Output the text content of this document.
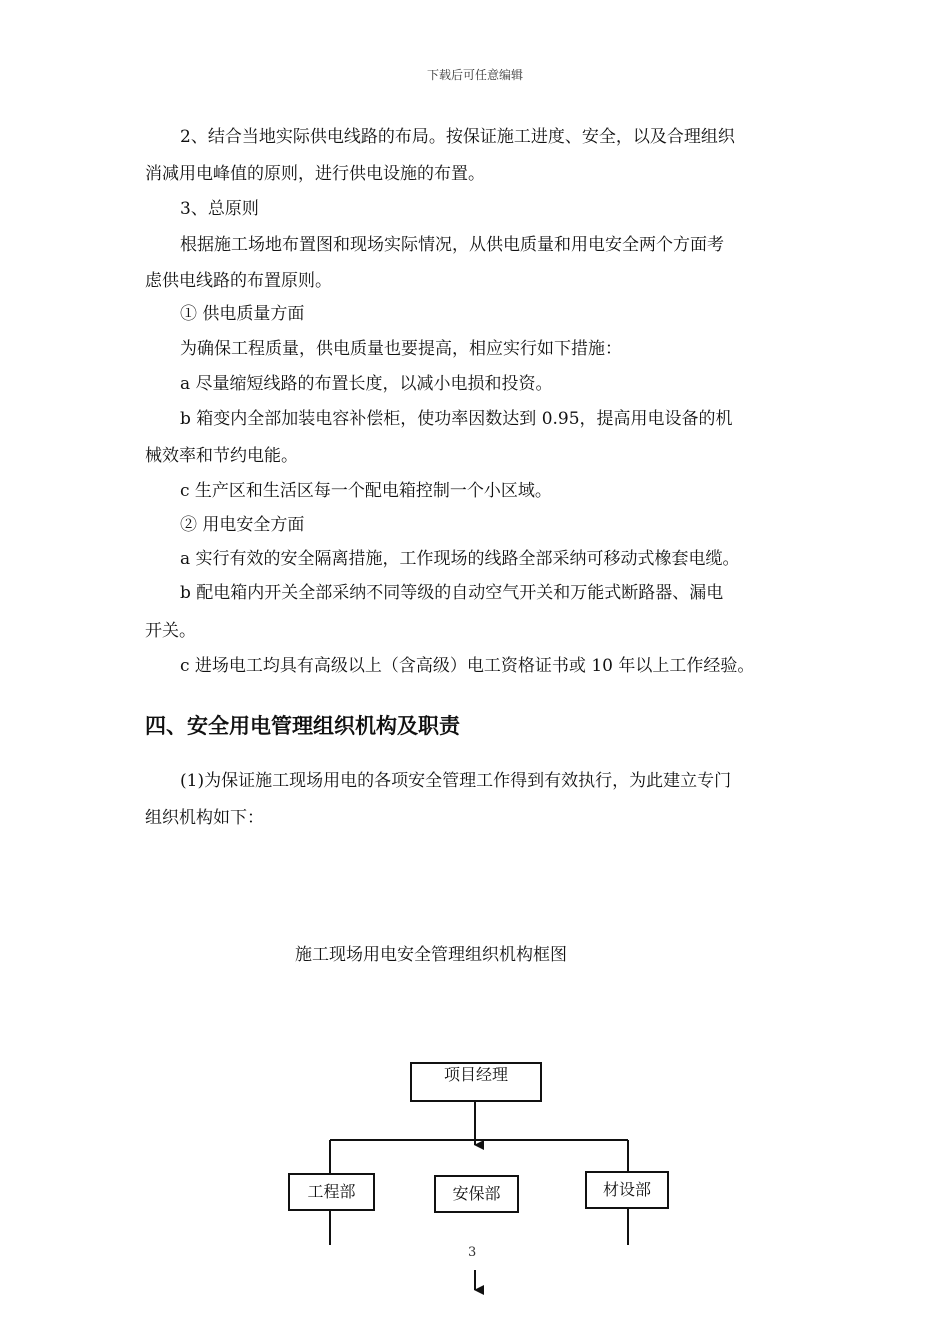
下载后可任意编辑
2、结合当地实际供电线路的布局。按保证施工进度、安全，以及合理组织
消减用电峰值的原则，进行供电设施的布置。
3、总原则
根据施工场地布置图和现场实际情况，从供电质量和用电安全两个方面考
虑供电线路的布置原则。
① 供电质量方面
为确保工程质量，供电质量也要提高，相应实行如下措施：
a 尽量缩短线路的布置长度，以减小电损和投资。
b 箱变内全部加装电容补偿柜，使功率因数达到 0.95，提高用电设备的机
械效率和节约电能。
c 生产区和生活区每一个配电箱控制一个小区域。
② 用电安全方面
a 实行有效的安全隔离措施，工作现场的线路全部采纳可移动式橡套电缆。
b 配电箱内开关全部采纳不同等级的自动空气开关和万能式断路器、漏电
开关。
c 进场电工均具有高级以上（含高级）电工资格证书或 10 年以上工作经验。
四、安全用电管理组织机构及职责
(1)为保证施工现场用电的各项安全管理工作得到有效执行，为此建立专门
组织机构如下：
施工现场用电安全管理组织机构框图
项目经理
工程部	安保部	材设部
3
